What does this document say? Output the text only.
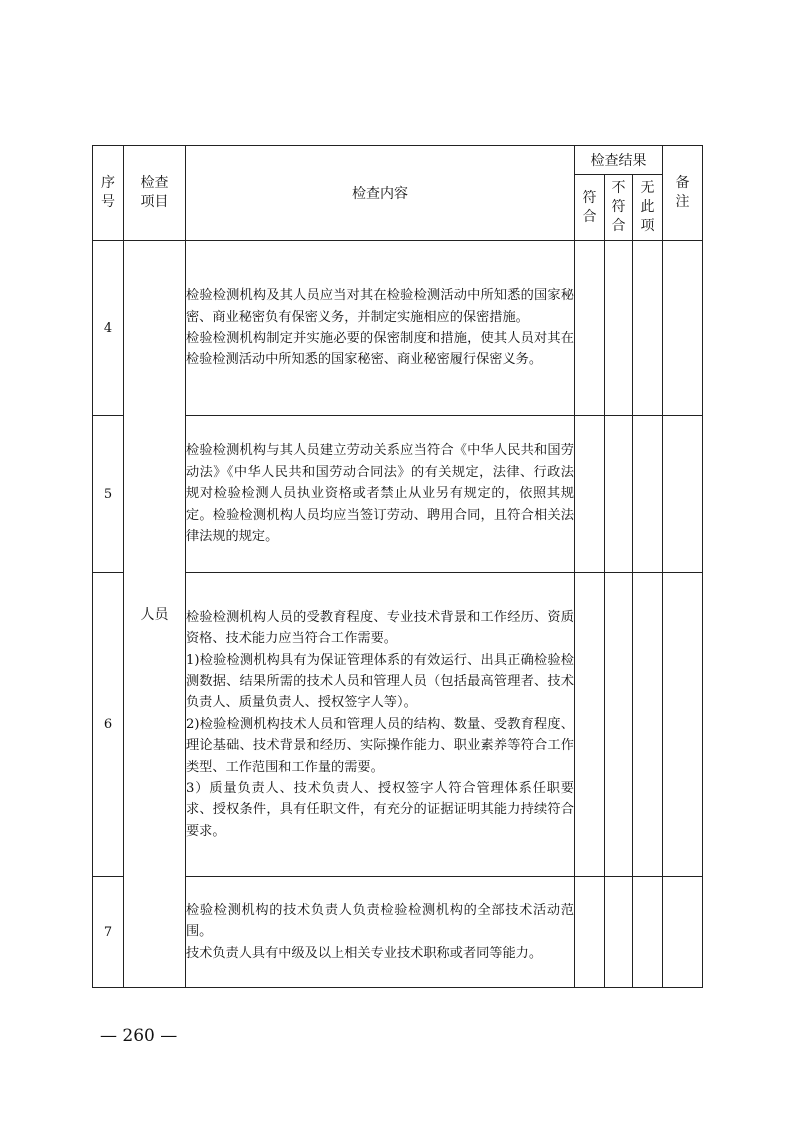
序号	检查项目	检查内容	检查结果			备注
			符合	不符合	无此项	
4	人员	检验检测机构及其人员应当对其在检验检测活动中所知悉的国家秘密、商业秘密负有保密义务，并制定实施相应的保密措施。

检验检测机构制定并实施必要的保密制度和措施，使其人员对其在检验检测活动中所知悉的国家秘密、商业秘密履行保密义务。				

5		检验检测机构与其人员建立劳动关系应当符合《中华人民共和国劳动法》《中华人民共和国劳动合同法》的有关规定，法律、行政法规对检验检测人员执业资格或者禁止从业另有规定的，依照其规定。检验检测机构人员均应当签订劳动、聘用合同，且符合相关法律法规的规定。				

6		检验检测机构人员的受教育程度、专业技术背景和工作经历、资质资格、技术能力应当符合工作需要。

1)检验检测机构具有为保证管理体系的有效运行、出具正确检验检测数据、结果所需的技术人员和管理人员（包括最高管理者、技术负责人、质量负责人、授权签字人等）。

2)检验检测机构技术人员和管理人员的结构、数量、受教育程度、理论基础、技术背景和经历、实际操作能力、职业素养等符合工作类型、工作范围和工作量的需要。

3）质量负责人、技术负责人、授权签字人符合管理体系任职要求、授权条件，具有任职文件，有充分的证据证明其能力持续符合要求。				

7		检验检测机构的技术负责人负责检验检测机构的全部技术活动范围。

技术负责人具有中级及以上相关专业技术职称或者同等能力。				

— 260 —
